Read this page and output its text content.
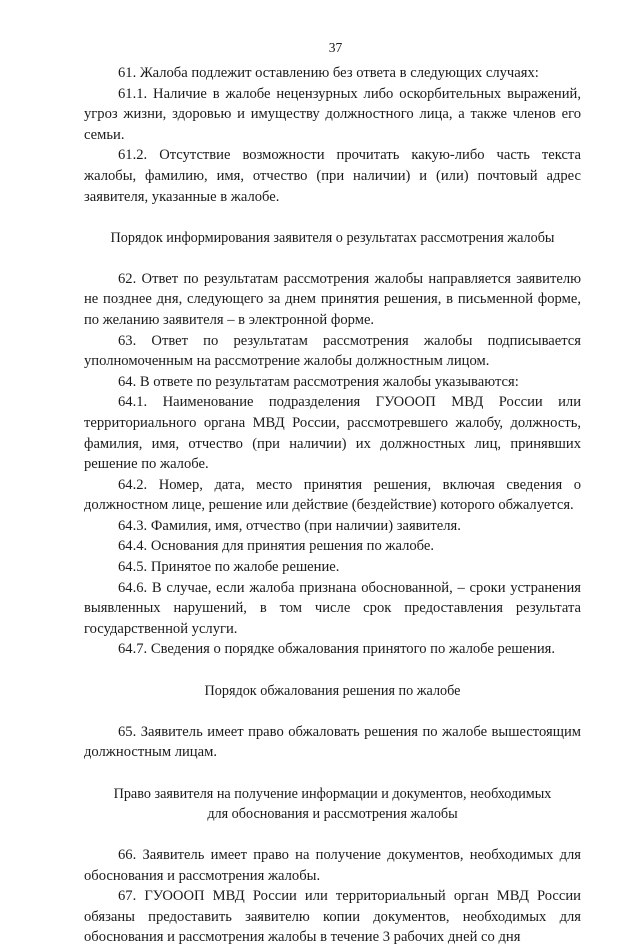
37

61. Жалоба подлежит оставлению без ответа в следующих случаях:

61.1. Наличие в жалобе нецензурных либо оскорбительных выражений, угроз жизни, здоровью и имуществу должностного лица, а также членов его семьи.

61.2. Отсутствие возможности прочитать какую-либо часть текста жалобы, фамилию, имя, отчество (при наличии) и (или) почтовый адрес заявителя, указанные в жалобе.

Порядок информирования заявителя о результатах рассмотрения жалобы

62. Ответ по результатам рассмотрения жалобы направляется заявителю не позднее дня, следующего за днем принятия решения, в письменной форме, по желанию заявителя – в электронной форме.

63. Ответ по результатам рассмотрения жалобы подписывается уполномоченным на рассмотрение жалобы должностным лицом.

64. В ответе по результатам рассмотрения жалобы указываются:

64.1. Наименование подразделения ГУОООП МВД России или территориального органа МВД России, рассмотревшего жалобу, должность, фамилия, имя, отчество (при наличии) их должностных лиц, принявших решение по жалобе.

64.2. Номер, дата, место принятия решения, включая сведения о должностном лице, решение или действие (бездействие) которого обжалуется.

64.3. Фамилия, имя, отчество (при наличии) заявителя.

64.4. Основания для принятия решения по жалобе.

64.5. Принятое по жалобе решение.

64.6. В случае, если жалоба признана обоснованной, – сроки устранения выявленных нарушений, в том числе срок предоставления результата государственной услуги.

64.7. Сведения о порядке обжалования принятого по жалобе решения.

Порядок обжалования решения по жалобе

65. Заявитель имеет право обжаловать решения по жалобе вышестоящим должностным лицам.

Право заявителя на получение информации и документов, необходимых

для обоснования и рассмотрения жалобы

66. Заявитель имеет право на получение документов, необходимых для обоснования и рассмотрения жалобы.

67. ГУОООП МВД России или территориальный орган МВД России обязаны предоставить заявителю копии документов, необходимых для обоснования и рассмотрения жалобы в течение 3 рабочих дней со дня
